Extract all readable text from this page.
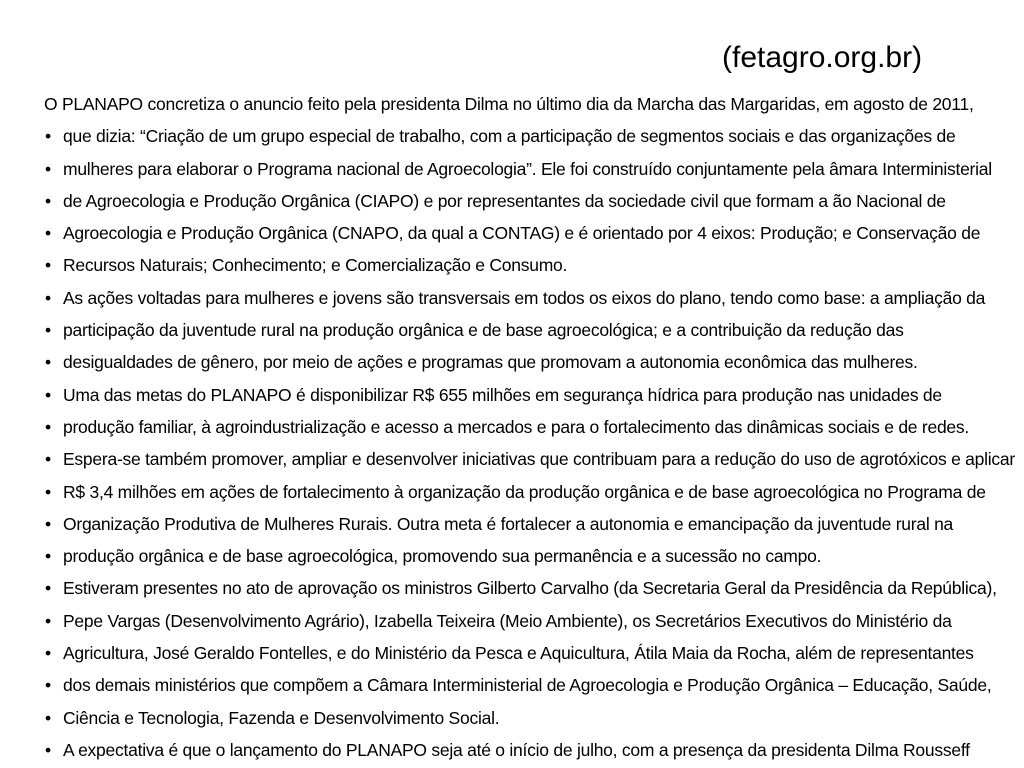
(fetagro.org.br)
O PLANAPO concretiza o anuncio feito pela presidenta Dilma no último dia da Marcha das Margaridas, em agosto de 2011,
• que dizia: “Criação de um grupo especial de trabalho, com a participação de segmentos sociais e das organizações de
• mulheres para elaborar o Programa nacional de Agroecologia”. Ele foi construído conjuntamente pela âmara Interministerial
• de Agroecologia e Produção Orgânica (CIAPO) e por representantes da sociedade civil que formam a ão Nacional de
• Agroecologia e Produção Orgânica (CNAPO, da qual a CONTAG) e é orientado por 4 eixos: Produção; e Conservação de
• Recursos Naturais; Conhecimento; e Comercialização e Consumo.
• As ações voltadas para mulheres e jovens são transversais em todos os eixos do plano, tendo como base: a ampliação da
• participação da juventude rural na produção orgânica e de base agroecológica; e a contribuição da redução das
• desigualdades de gênero, por meio de ações e programas que promovam a autonomia econômica das mulheres.
• Uma das metas do PLANAPO é disponibilizar R$ 655 milhões em segurança hídrica para produção nas unidades de
• produção familiar, à agroindustrialização e acesso a mercados e para o fortalecimento das dinâmicas sociais e de redes.
• Espera-se também promover, ampliar e desenvolver iniciativas que contribuam para a redução do uso de agrotóxicos e aplicar
• R$ 3,4 milhões em ações de fortalecimento à organização da produção orgânica e de base agroecológica no Programa de
• Organização Produtiva de Mulheres Rurais. Outra meta é fortalecer a autonomia e emancipação da juventude rural na
• produção orgânica e de base agroecológica, promovendo sua permanência e a sucessão no campo.
• Estiveram presentes no ato de aprovação os ministros Gilberto Carvalho (da Secretaria Geral da Presidência da República),
• Pepe Vargas (Desenvolvimento Agrário), Izabella Teixeira (Meio Ambiente), os Secretários Executivos do Ministério da
• Agricultura, José Geraldo Fontelles, e do Ministério da Pesca e Aquicultura, Átila Maia da Rocha, além de representantes
• dos demais ministérios que compõem a Câmara Interministerial de Agroecologia e Produção Orgânica – Educação, Saúde,
• Ciência e Tecnologia, Fazenda e Desenvolvimento Social.
• A expectativa é que o lançamento do PLANAPO seja até o início de julho, com a presença da presidenta Dilma Rousseff
